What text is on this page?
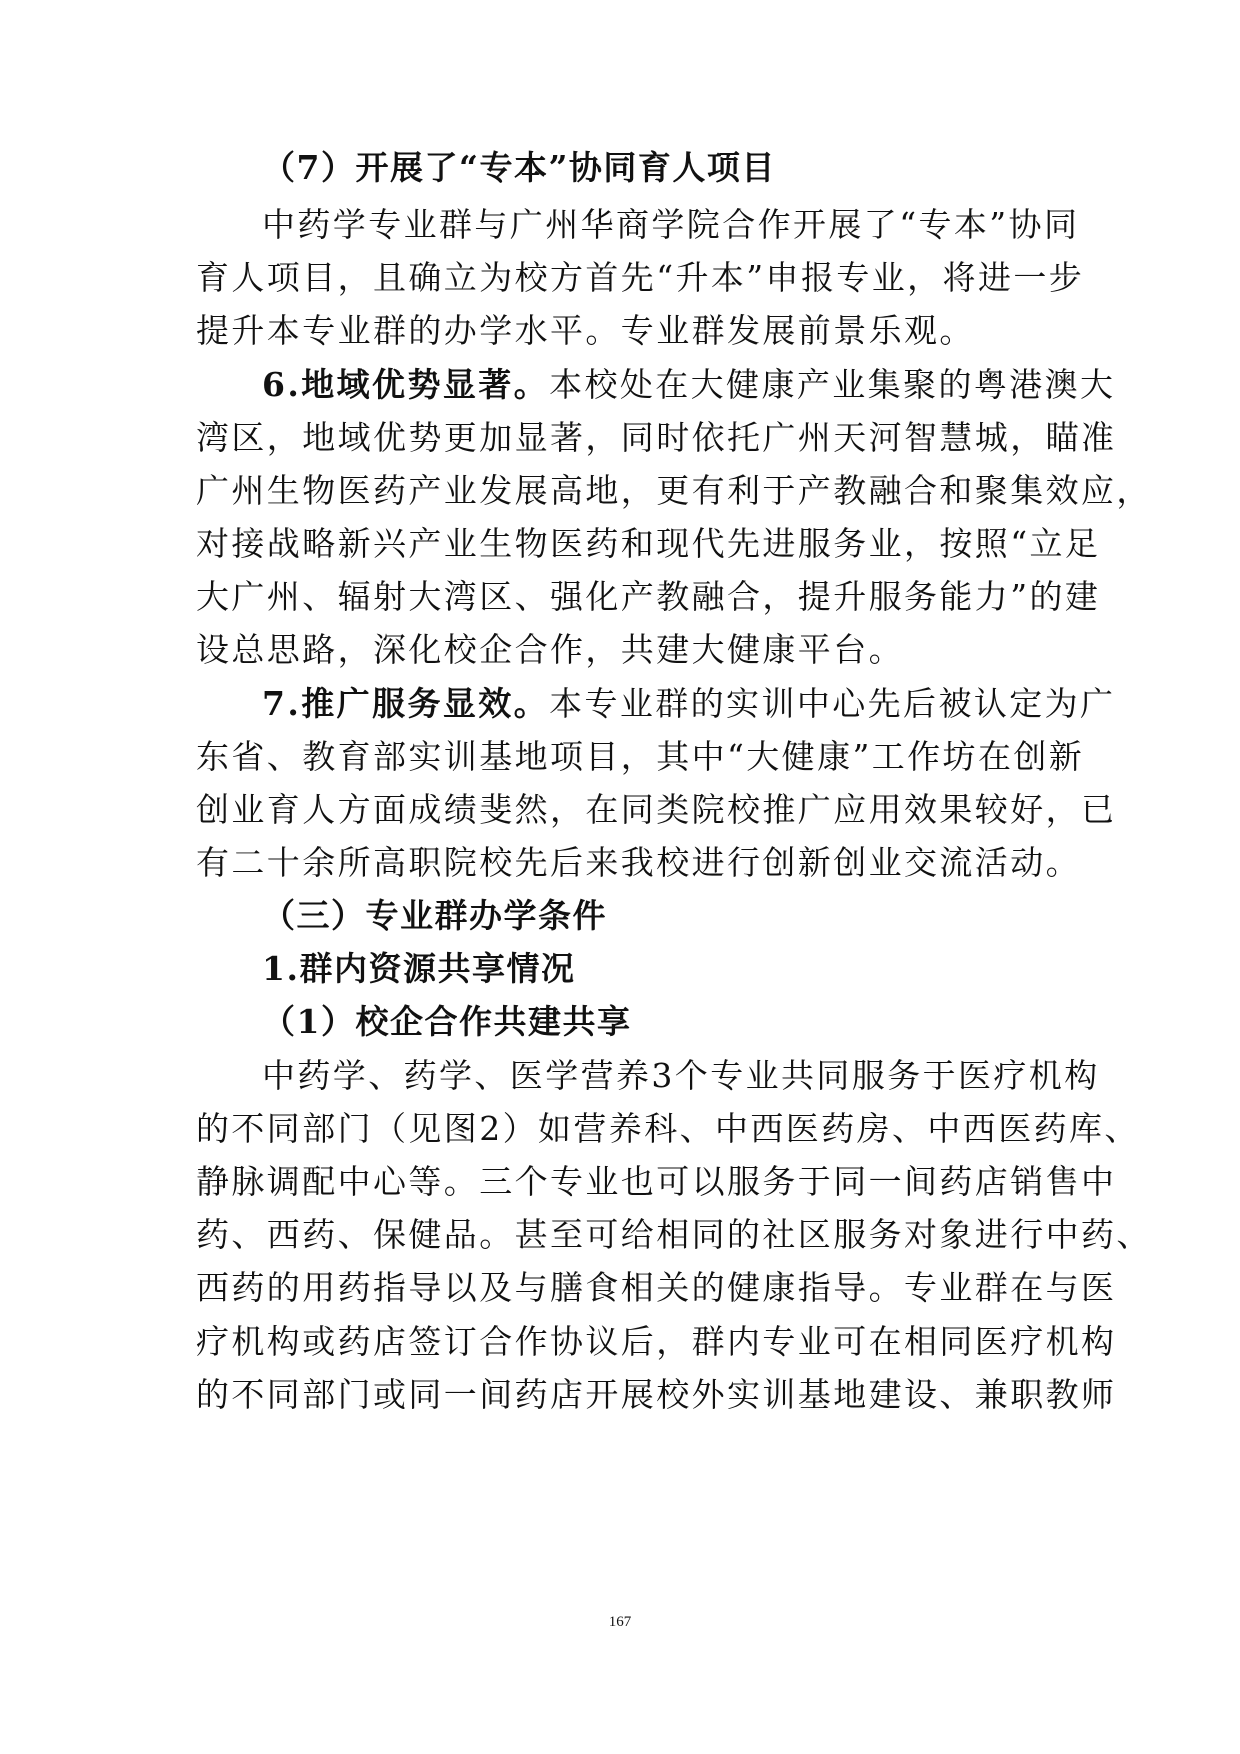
（7）开展了“专本”协同育人项目

中药学专业群与广州华商学院合作开展了“专本”协同

育人项目，且确立为校方首先“升本”申报专业，将进一步

提升本专业群的办学水平。专业群发展前景乐观。

6.地域优势显著。本校处在大健康产业集聚的粤港澳大

湾区，地域优势更加显著，同时依托广州天河智慧城，瞄准

广州生物医药产业发展高地，更有利于产教融合和聚集效应，

对接战略新兴产业生物医药和现代先进服务业，按照“立足

大广州、辐射大湾区、强化产教融合，提升服务能力”的建

设总思路，深化校企合作，共建大健康平台。

7.推广服务显效。本专业群的实训中心先后被认定为广

东省、教育部实训基地项目，其中“大健康”工作坊在创新

创业育人方面成绩斐然，在同类院校推广应用效果较好，已

有二十余所高职院校先后来我校进行创新创业交流活动。

（三）专业群办学条件

1.群内资源共享情况

（1）校企合作共建共享

中药学、药学、医学营养3个专业共同服务于医疗机构

的不同部门（见图2）如营养科、中西医药房、中西医药库、

静脉调配中心等。三个专业也可以服务于同一间药店销售中

药、西药、保健品。甚至可给相同的社区服务对象进行中药、

西药的用药指导以及与膳食相关的健康指导。专业群在与医

疗机构或药店签订合作协议后，群内专业可在相同医疗机构

的不同部门或同一间药店开展校外实训基地建设、兼职教师

167
